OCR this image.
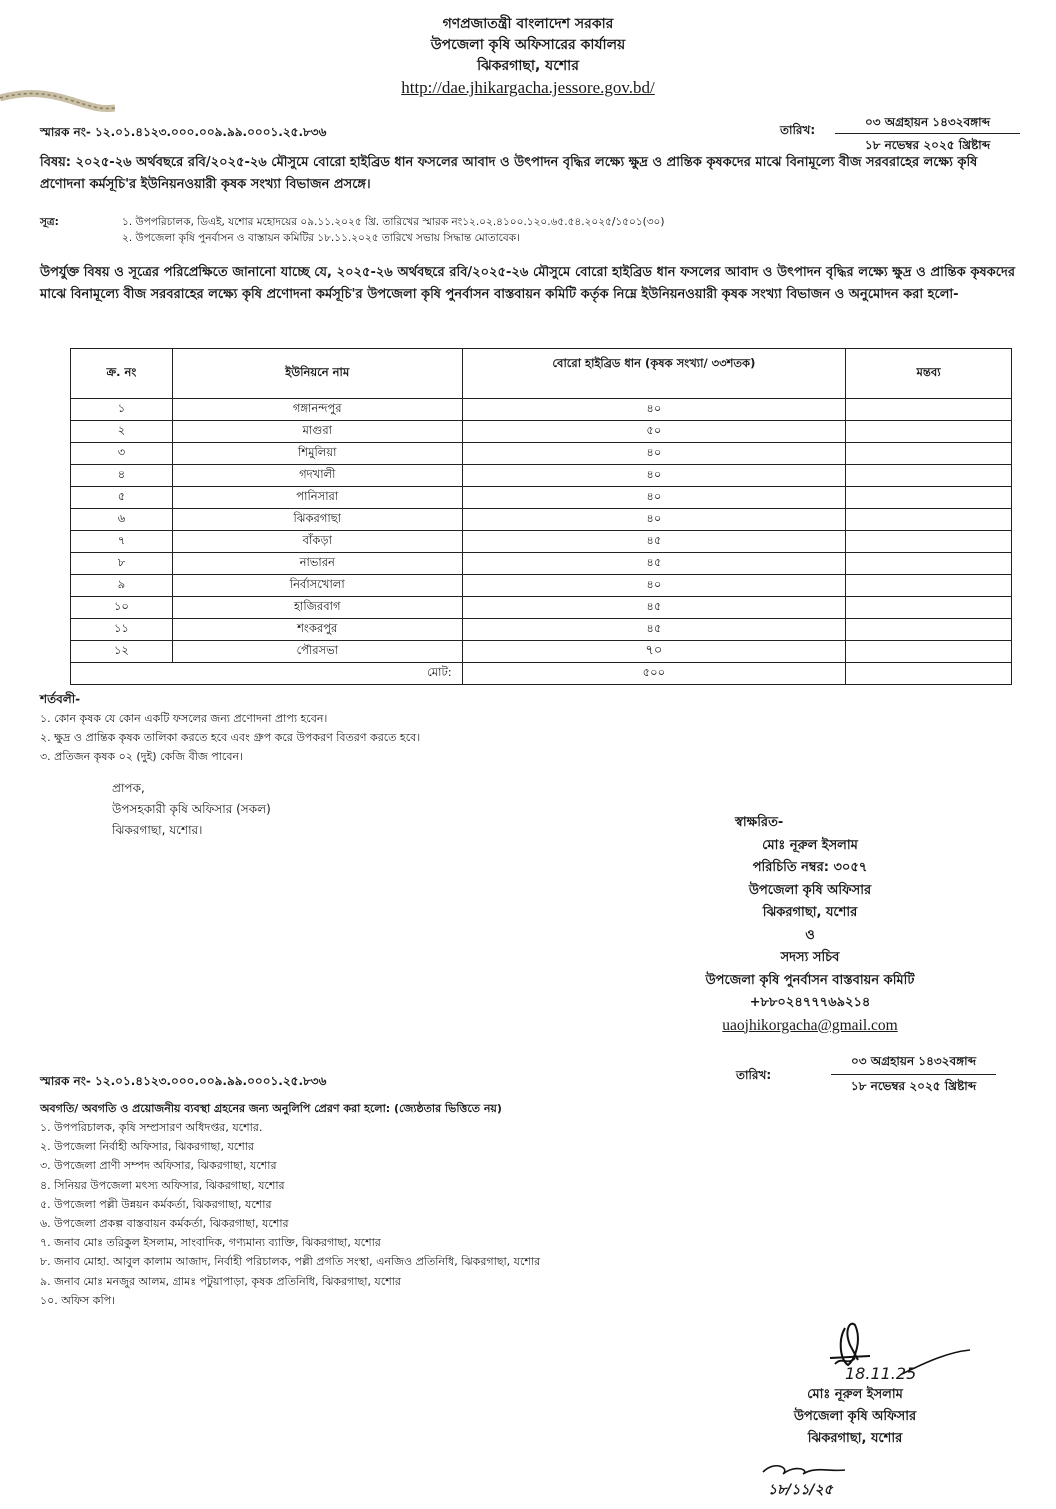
গণপ্রজাতন্ত্রী বাংলাদেশ সরকার
উপজেলা কৃষি অফিসারের কার্যালয়
ঝিকরগাছা, যশোর
http://dae.jhikargacha.jessore.gov.bd/
স্মারক নং- ১২.০১.৪১২৩.০০০.০০৯.৯৯.০০০১.২৫.৮৩৬	তারিখ:
০৩ অগ্রহায়ন ১৪৩২বঙ্গাব্দ
১৮ নভেম্বর ২০২৫ খ্রিষ্টাব্দ
বিষয়: ২০২৫-২৬ অর্থবছরে রবি/২০২৫-২৬ মৌসুমে বোরো হাইব্রিড ধান ফসলের আবাদ ও উৎপাদন বৃদ্ধির লক্ষ্যে ক্ষুদ্র ও প্রান্তিক কৃষকদের মাঝে বিনামূল্যে বীজ সরবরাহের লক্ষ্যে কৃষি প্রণোদনা কর্মসূচি'র ইউনিয়নওয়ারী কৃষক সংখ্যা বিভাজন প্রসঙ্গে।
সূত্র:	১. উপপরিচালক, ডিএই, যশোর মহোদয়ের ০৯.১১.২০২৫ খ্রি. তারিখের স্মারক নং১২.০২.৪১০০.১২০.৬৫.৫৪.২০২৫/১৫০১(৩০)
২. উপজেলা কৃষি পুনর্বাসন ও বাস্তায়ন কমিটির ১৮.১১.২০২৫ তারিখে সভায় সিদ্ধান্ত মোতাবেক।
উপর্যুক্ত বিষয় ও সূত্রের পরিপ্রেক্ষিতে জানানো যাচ্ছে যে, ২০২৫-২৬ অর্থবছরে রবি/২০২৫-২৬ মৌসুমে বোরো হাইব্রিড ধান ফসলের আবাদ ও উৎপাদন বৃদ্ধির লক্ষ্যে ক্ষুদ্র ও প্রান্তিক কৃষকদের মাঝে বিনামূল্যে বীজ সরবরাহের লক্ষ্যে কৃষি প্রণোদনা কর্মসূচি'র উপজেলা কৃষি পুনর্বাসন বাস্তবায়ন কমিটি কর্তৃক নিম্নে ইউনিয়নওয়ারী কৃষক সংখ্যা বিভাজন ও অনুমোদন করা হলো-
ক্র. নং	ইউনিয়নে নাম	বোরো হাইব্রিড ধান (কৃষক সংখ্যা/ ৩৩শতক)	মন্তব্য
১	গঙ্গানন্দপুর	৪০	
২	মাগুরা	৫০	
৩	শিমুলিয়া	৪০	
৪	গদখালী	৪০	
৫	পানিসারা	৪০	
৬	ঝিকরগাছা	৪০	
৭	বাঁকড়া	৪৫	
৮	নাভারন	৪৫	
৯	নির্বাসখোলা	৪০	
১০	হাজিরবাগ	৪৫	
১১	শংকরপুর	৪৫	
১২	পৌরসভা	৭০	
মোট:		৫০০	
শর্তবলী-
১. কোন কৃষক যে কোন একটি ফসলের জন্য প্রণোদনা প্রাপ্য হবেন।
২. ক্ষুদ্র ও প্রান্তিক কৃষক তালিকা করতে হবে এবং গ্রুপ করে উপকরণ বিতরণ করতে হবে।
৩. প্রতিজন কৃষক ০২ (দুই) কেজি বীজ পাবেন।
প্রাপক,
উপসহকারী কৃষি অফিসার (সকল)
ঝিকরগাছা, যশোর।	স্বাক্ষরিত-
মোঃ নূরুল ইসলাম
পরিচিতি নম্বর: ৩০৫৭
উপজেলা কৃষি অফিসার
ঝিকরগাছা, যশোর
ও
সদস্য সচিব
উপজেলা কৃষি পুনর্বাসন বাস্তবায়ন কমিটি
+৮৮০২৪৭৭৭৬৯২১৪
uaojhikorgacha@gmail.com
স্মারক নং- ১২.০১.৪১২৩.০০০.০০৯.৯৯.০০০১.২৫.৮৩৬	তারিখ:
০৩ অগ্রহায়ন ১৪৩২বঙ্গাব্দ
১৮ নভেম্বর ২০২৫ খ্রিষ্টাব্দ
অবগতি/ অবগতি ও প্রয়োজনীয় ব্যবস্থা গ্রহনের জন্য অনুলিপি প্রেরণ করা হলো: (জ্যেষ্ঠতার ভিত্তিতে নয়)
১. উপপরিচালক, কৃষি সম্প্রসারণ অধিদপ্তর, যশোর.
২. উপজেলা নির্বাহী অফিসার, ঝিকরগাছা, যশোর
৩. উপজেলা প্রাণী সম্পদ অফিসার, ঝিকরগাছা, যশোর
৪. সিনিয়র উপজেলা মৎস্য অফিসার, ঝিকরগাছা, যশোর
৫. উপজেলা পল্লী উন্নয়ন কর্মকর্তা, ঝিকরগাছা, যশোর
৬. উপজেলা প্রকল্প বাস্তবায়ন কর্মকর্তা, ঝিকরগাছা, যশোর
৭. জনাব মোঃ তরিকুল ইসলাম, সাংবাদিক, গণ্যমান্য ব্যাক্তি, ঝিকরগাছা, যশোর
৮. জনাব মোহা. আবুল কালাম আজাদ, নির্বাহী পরিচালক, পল্লী প্রগতি সংস্থা, এনজিও প্রতিনিধি, ঝিকরগাছা, যশোর
৯. জনাব মোঃ মনজুর আলম, গ্রামঃ পটুয়াপাড়া, কৃষক প্রতিনিধি, ঝিকরগাছা, যশোর
১০. অফিস কপি।
18.11.25
মোঃ নূরুল ইসলাম
উপজেলা কৃষি অফিসার
ঝিকরগাছা, যশোর
১৮/১১/২৫
